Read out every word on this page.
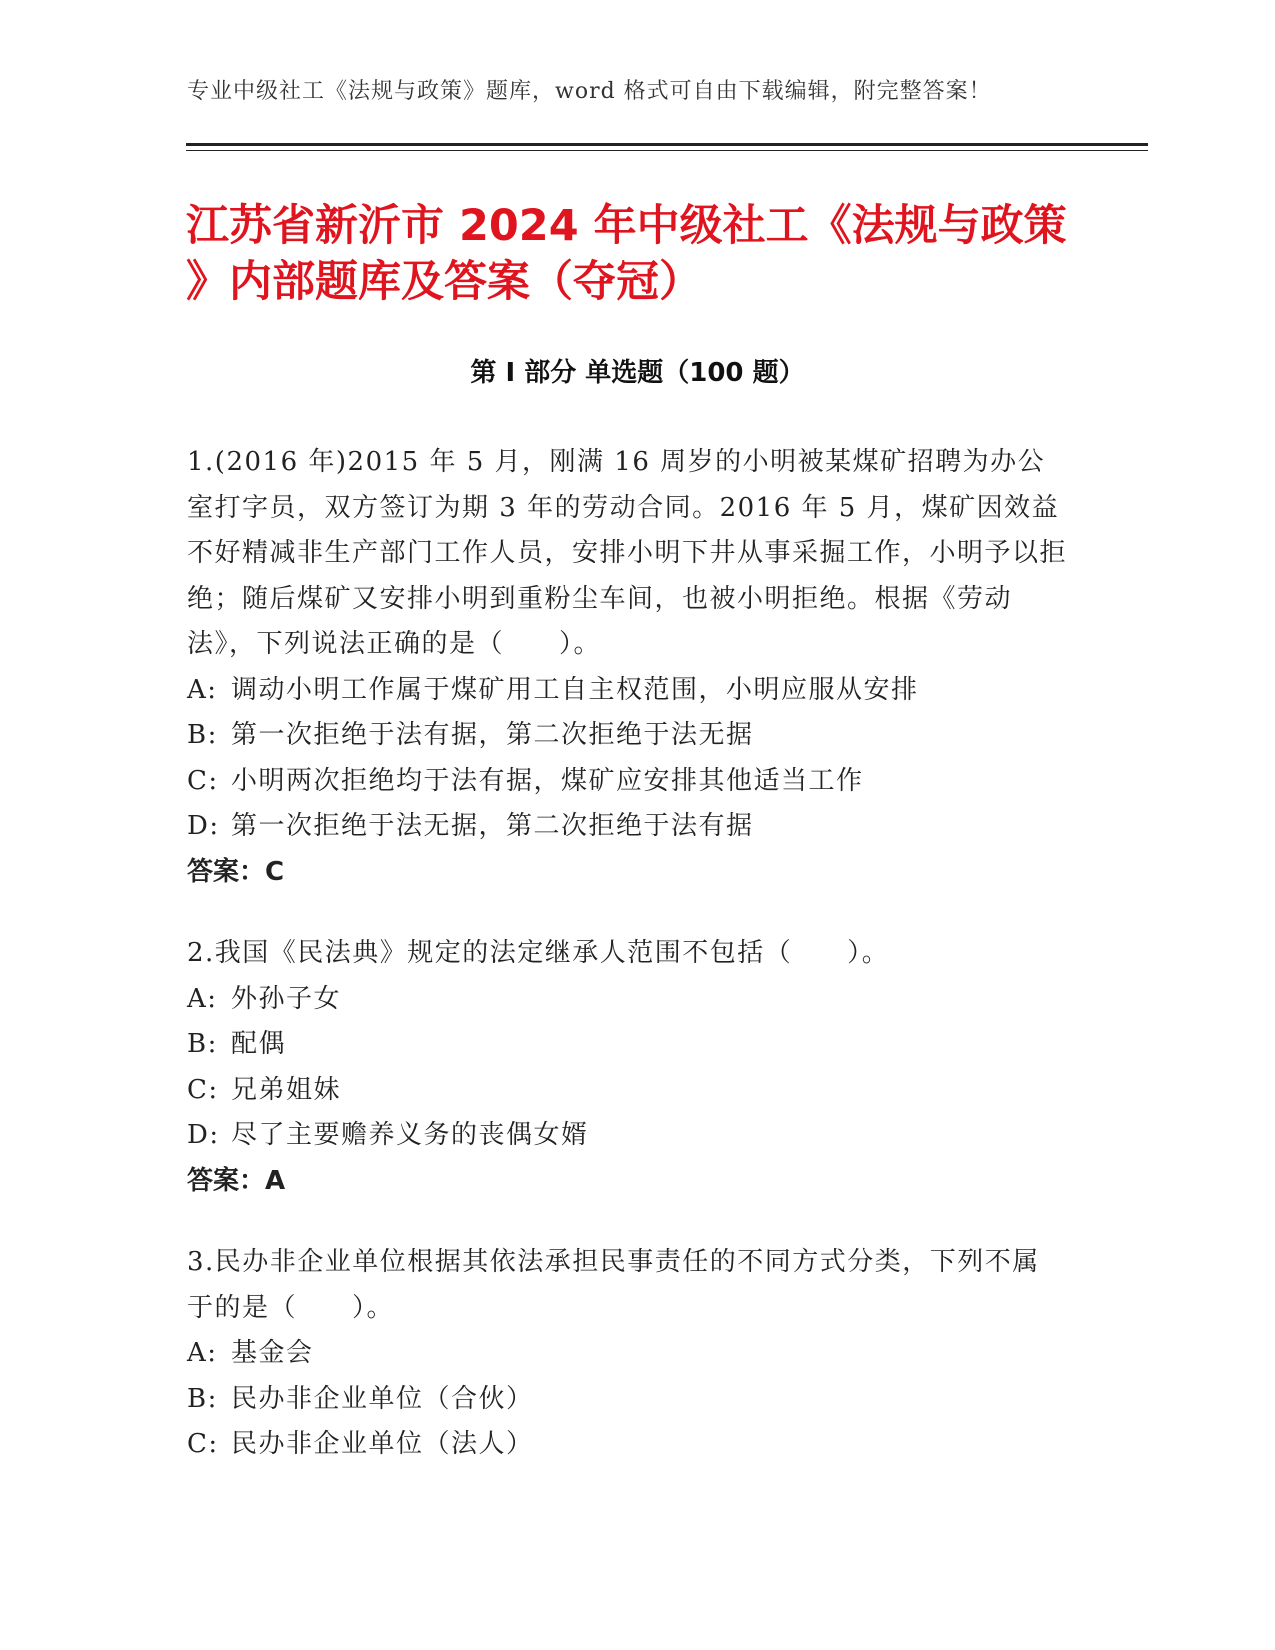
专业中级社工《法规与政策》题库，word 格式可自由下载编辑，附完整答案！
江苏省新沂市 2024 年中级社工《法规与政策
》内部题库及答案（夺冠）
第 I 部分 单选题（100 题）

1.(2016 年)2015 年 5 月，刚满 16 周岁的小明被某煤矿招聘为办公室打字员，双方签订为期 3 年的劳动合同。2016 年 5 月，煤矿因效益不好精减非生产部门工作人员，安排小明下井从事采掘工作，小明予以拒绝；随后煤矿又安排小明到重粉尘车间，也被小明拒绝。根据《劳动法》，下列说法正确的是（　　）。

A: 调动小明工作属于煤矿用工自主权范围，小明应服从安排

B: 第一次拒绝于法有据，第二次拒绝于法无据

C: 小明两次拒绝均于法有据，煤矿应安排其他适当工作

D: 第一次拒绝于法无据，第二次拒绝于法有据

答案：C

2.我国《民法典》规定的法定继承人范围不包括（　　）。

A: 外孙子女

B: 配偶

C: 兄弟姐妹

D: 尽了主要赡养义务的丧偶女婿

答案：A

3.民办非企业单位根据其依法承担民事责任的不同方式分类，下列不属于的是（　　）。

A: 基金会

B: 民办非企业单位（合伙）

C: 民办非企业单位（法人）
